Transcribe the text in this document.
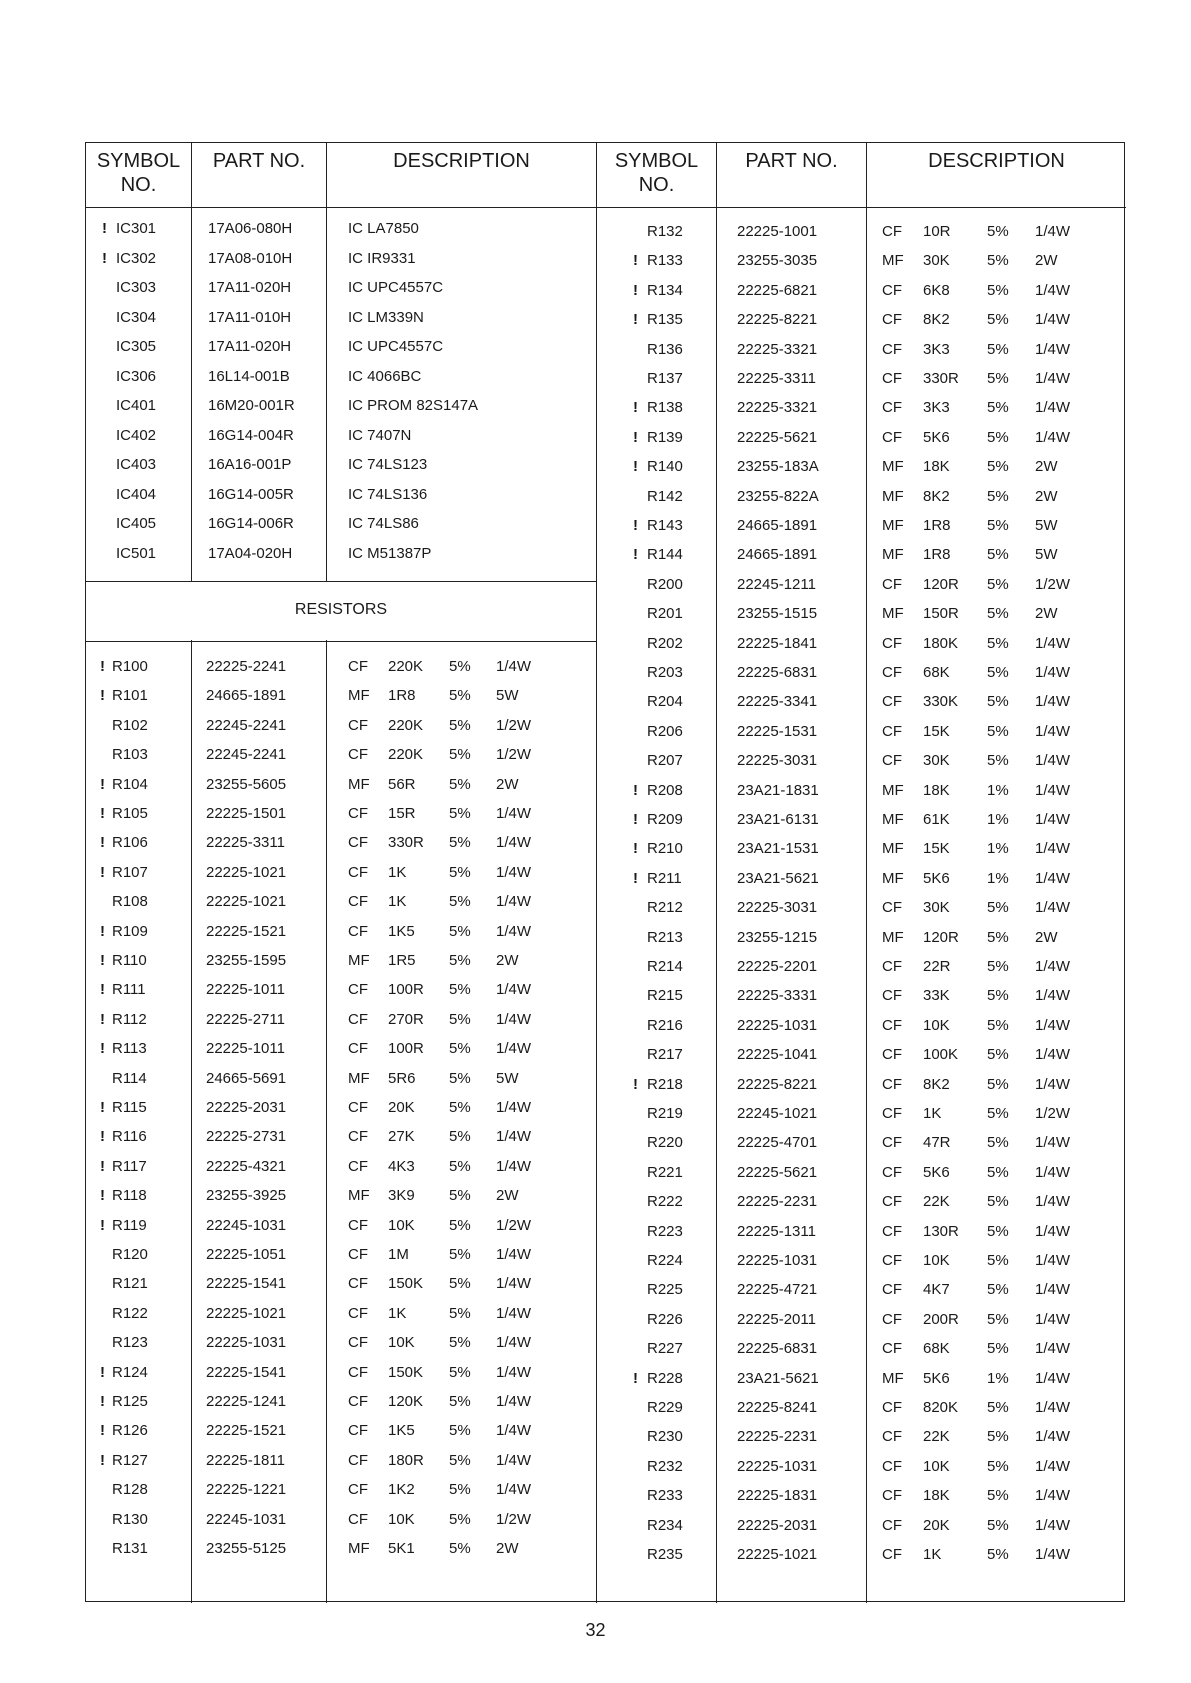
SYMBOL
NO.
PART NO.	DESCRIPTION	SYMBOL
NO.
PART NO.	DESCRIPTION
RESISTORS
! IC301	17A06-080H	IC LA7850
! IC302	17A08-010H	IC IR9331
IC303	17A11-020H	IC UPC4557C
IC304	17A11-010H	IC LM339N
IC305	17A11-020H	IC UPC4557C
IC306	16L14-001B	IC 4066BC
IC401	16M20-001R	IC PROM 82S147A
IC402	16G14-004R	IC 7407N
IC403	16A16-001P	IC 74LS123
IC404	16G14-005R	IC 74LS136
IC405	16G14-006R	IC 74LS86
IC501	17A04-020H	IC M51387P
! R100	22225-2241	CF 220K 5% 1/4W
! R101	24665-1891	MF 1R8 5% 5W
R102	22245-2241	CF 220K 5% 1/2W
R103	22245-2241	CF 220K 5% 1/2W
! R104	23255-5605	MF 56R 5% 2W
! R105	22225-1501	CF 15R 5% 1/4W
! R106	22225-3311	CF 330R 5% 1/4W
! R107	22225-1021	CF 1K	5% 1/4W
R108	22225-1021	CF 1K	5% 1/4W
! R109	22225-1521	CF 1K5 5% 1/4W
! R110	23255-1595	MF 1R5 5% 2W
! R111	22225-1011	CF 100R 5% 1/4W
! R112	22225-2711	CF 270R 5% 1/4W
! R113	22225-1011	CF 100R 5% 1/4W
R114	24665-5691	MF 5R6 5% 5W
! R115	22225-2031	CF 20K 5% 1/4W
! R116	22225-2731	CF 27K 5% 1/4W
! R117	22225-4321	CF 4K3 5% 1/4W
! R118	23255-3925	MF 3K9 5% 2W
! R119	22245-1031	CF 10K 5% 1/2W
R120	22225-1051	CF 1M	5% 1/4W
R121	22225-1541	CF 150K 5% 1/4W
R122	22225-1021	CF 1K	5% 1/4W
R123	22225-1031	CF 10K 5% 1/4W
! R124	22225-1541	CF 150K 5% 1/4W
! R125	22225-1241	CF 120K 5% 1/4W
! R126	22225-1521	CF 1K5 5% 1/4W
! R127	22225-1811	CF 180R 5% 1/4W
R128	22225-1221	CF 1K2 5% 1/4W
R130	22245-1031	CF 10K 5% 1/2W
R131	23255-5125	MF 5K1 5% 2W
R132	22225-1001	CF 10R 5% 1/4W
! R133	23255-3035	MF 30K 5% 2W
! R134	22225-6821	CF 6K8 5% 1/4W
! R135	22225-8221	CF 8K2 5% 1/4W
R136	22225-3321	CF 3K3 5% 1/4W
R137	22225-3311	CF 330R 5% 1/4W
! R138	22225-3321	CF 3K3 5% 1/4W
! R139	22225-5621	CF 5K6 5% 1/4W
! R140	23255-183A	MF 18K 5% 2W
R142	23255-822A	MF 8K2 5% 2W
! R143	24665-1891	MF 1R8 5% 5W
! R144	24665-1891	MF 1R8 5% 5W
R200	22245-1211	CF 120R 5% 1/2W
R201	23255-1515	MF 150R 5% 2W
R202	22225-1841	CF 180K 5% 1/4W
R203	22225-6831	CF 68K 5% 1/4W
R204	22225-3341	CF 330K 5% 1/4W
R206	22225-1531	CF 15K 5% 1/4W
R207	22225-3031	CF 30K 5% 1/4W
! R208	23A21-1831	MF 18K 1% 1/4W
! R209	23A21-6131	MF 61K 1% 1/4W
! R210	23A21-1531	MF 15K 1% 1/4W
! R211	23A21-5621	MF 5K6 1% 1/4W
R212	22225-3031	CF 30K 5% 1/4W
R213	23255-1215	MF 120R 5% 2W
R214	22225-2201	CF 22R 5% 1/4W
R215	22225-3331	CF 33K 5% 1/4W
R216	22225-1031	CF 10K 5% 1/4W
R217	22225-1041	CF 100K 5% 1/4W
! R218	22225-8221	CF 8K2 5% 1/4W
R219	22245-1021	CF 1K	5% 1/2W
R220	22225-4701	CF 47R 5% 1/4W
R221	22225-5621	CF 5K6 5% 1/4W
R222	22225-2231	CF 22K 5% 1/4W
R223	22225-1311	CF 130R 5% 1/4W
R224	22225-1031	CF 10K 5% 1/4W
R225	22225-4721	CF 4K7 5% 1/4W
R226	22225-2011	CF 200R 5% 1/4W
R227	22225-6831	CF 68K 5% 1/4W
! R228	23A21-5621	MF 5K6 1% 1/4W
R229	22225-8241	CF 820K 5% 1/4W
R230	22225-2231	CF 22K 5% 1/4W
R232	22225-1031	CF 10K 5% 1/4W
R233	22225-1831	CF 18K 5% 1/4W
R234	22225-2031	CF 20K 5% 1/4W
R235	22225-1021	CF 1K	5% 1/4W
32
